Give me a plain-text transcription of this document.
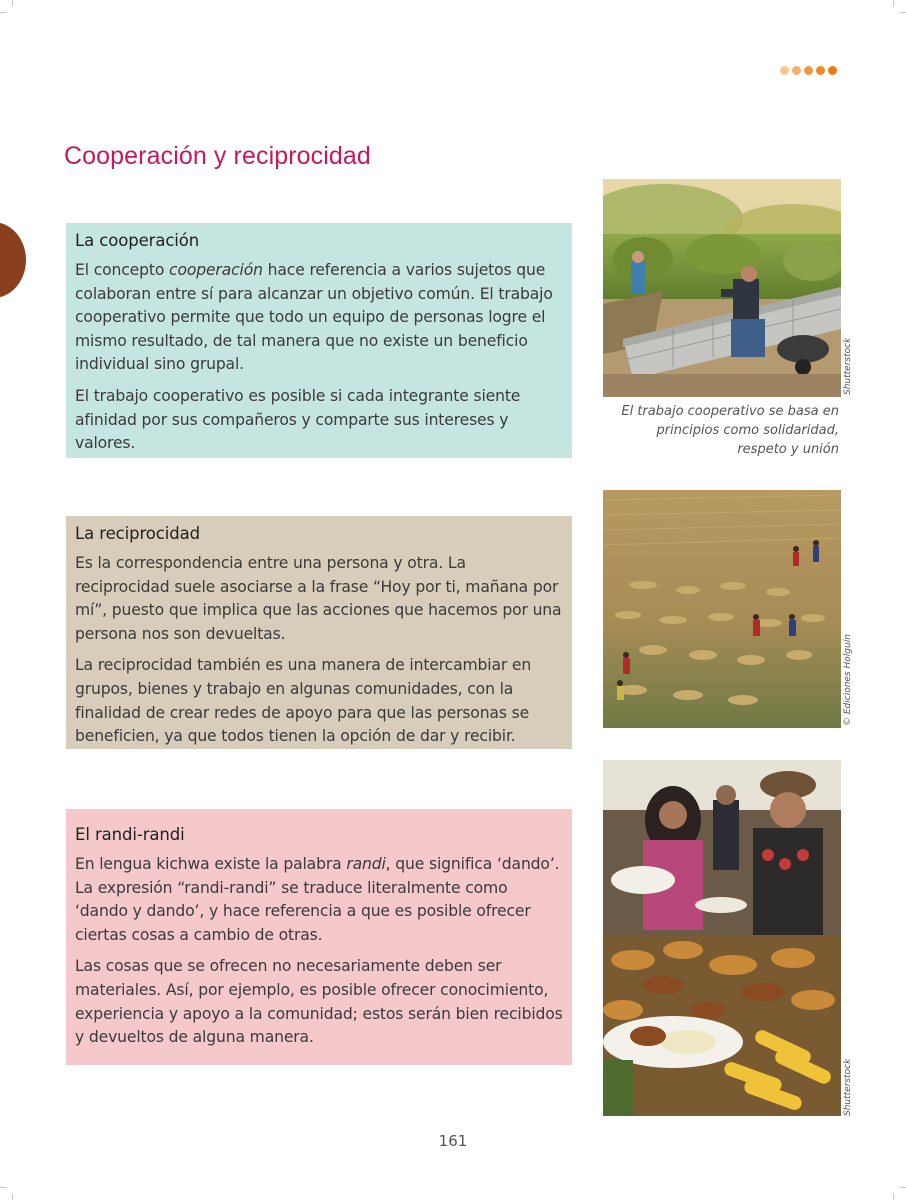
Cooperación y reciprocidad
La cooperación

El concepto cooperación hace referencia a varios sujetos que colaboran entre sí para alcanzar un objetivo común. El trabajo cooperativo permite que todo un equipo de personas logre el mismo resultado, de tal manera que no existe un beneficio individual sino grupal.

El trabajo cooperativo es posible si cada integrante siente afinidad por sus compañeros y comparte sus intereses y valores.

La reciprocidad

Es la correspondencia entre una persona y otra. La reciprocidad suele asociarse a la frase “Hoy por ti, mañana por mí”, puesto que implica que las acciones que hacemos por una persona nos son devueltas.

La reciprocidad también es una manera de intercambiar en grupos, bienes y trabajo en algunas comunidades, con la finalidad de crear redes de apoyo para que las personas se beneficien, ya que todos tienen la opción de dar y recibir.

El randi-randi

En lengua kichwa existe la palabra randi, que significa ‘dando’. La expresión “randi-randi” se traduce literalmente como ‘dando y dando’, y hace referencia a que es posible ofrecer ciertas cosas a cambio de otras.

Las cosas que se ofrecen no necesariamente deben ser materiales. Así, por ejemplo, es posible ofrecer conocimiento, experiencia y apoyo a la comunidad; estos serán bien recibidos y devueltos de alguna manera.

Shutterstock

El trabajo cooperativo se basa en principios como solidaridad, respeto y unión

© Ediciones Holguín
Shutterstock
161
